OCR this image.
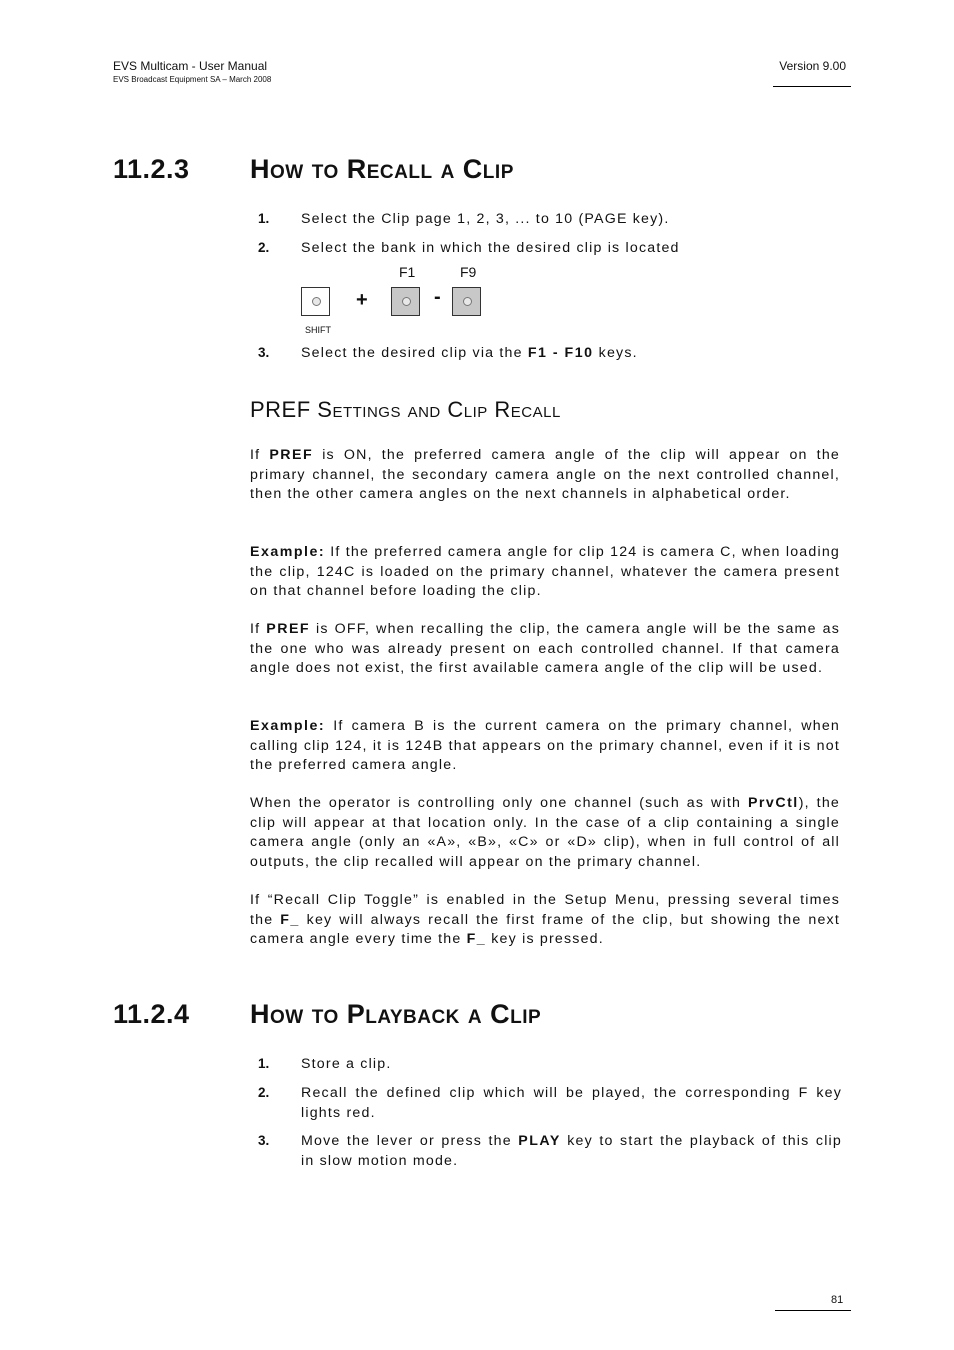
EVS Multicam - User Manual
EVS Broadcast Equipment SA – March 2008
Version 9.00
11.2.3 How to Recall a Clip
1. Select the Clip page 1, 2, 3, ... to 10 (PAGE key).

2. Select the bank in which the desired clip is located

F1	F9
+	-
SHIFT
3. Select the desired clip via the F1 - F10 keys.

PREF Settings and Clip Recall

If PREF is ON, the preferred camera angle of the clip will appear on the primary channel, the secondary camera angle on the next controlled channel, then the other camera angles on the next channels in alphabetical order.

Example: If the preferred camera angle for clip 124 is camera C, when loading the clip, 124C is loaded on the primary channel, whatever the camera present on that channel before loading the clip.

If PREF is OFF, when recalling the clip, the camera angle will be the same as the one who was already present on each controlled channel. If that camera angle does not exist, the first available camera angle of the clip will be used.

Example: If camera B is the current camera on the primary channel, when calling clip 124, it is 124B that appears on the primary channel, even if it is not the preferred camera angle.

When the operator is controlling only one channel (such as with PrvCtl), the clip will appear at that location only. In the case of a clip containing a single camera angle (only an «A», «B», «C» or «D» clip), when in full control of all outputs, the clip recalled will appear on the primary channel.

If “Recall Clip Toggle” is enabled in the Setup Menu, pressing several times the F_ key will always recall the first frame of the clip, but showing the next camera angle every time the F_ key is pressed.

11.2.4 How to Playback a Clip
1. Store a clip.

2. Recall the defined clip which will be played, the corresponding F key lights red.

3. Move the lever or press the PLAY key to start the playback of this clip in slow motion mode.

81
